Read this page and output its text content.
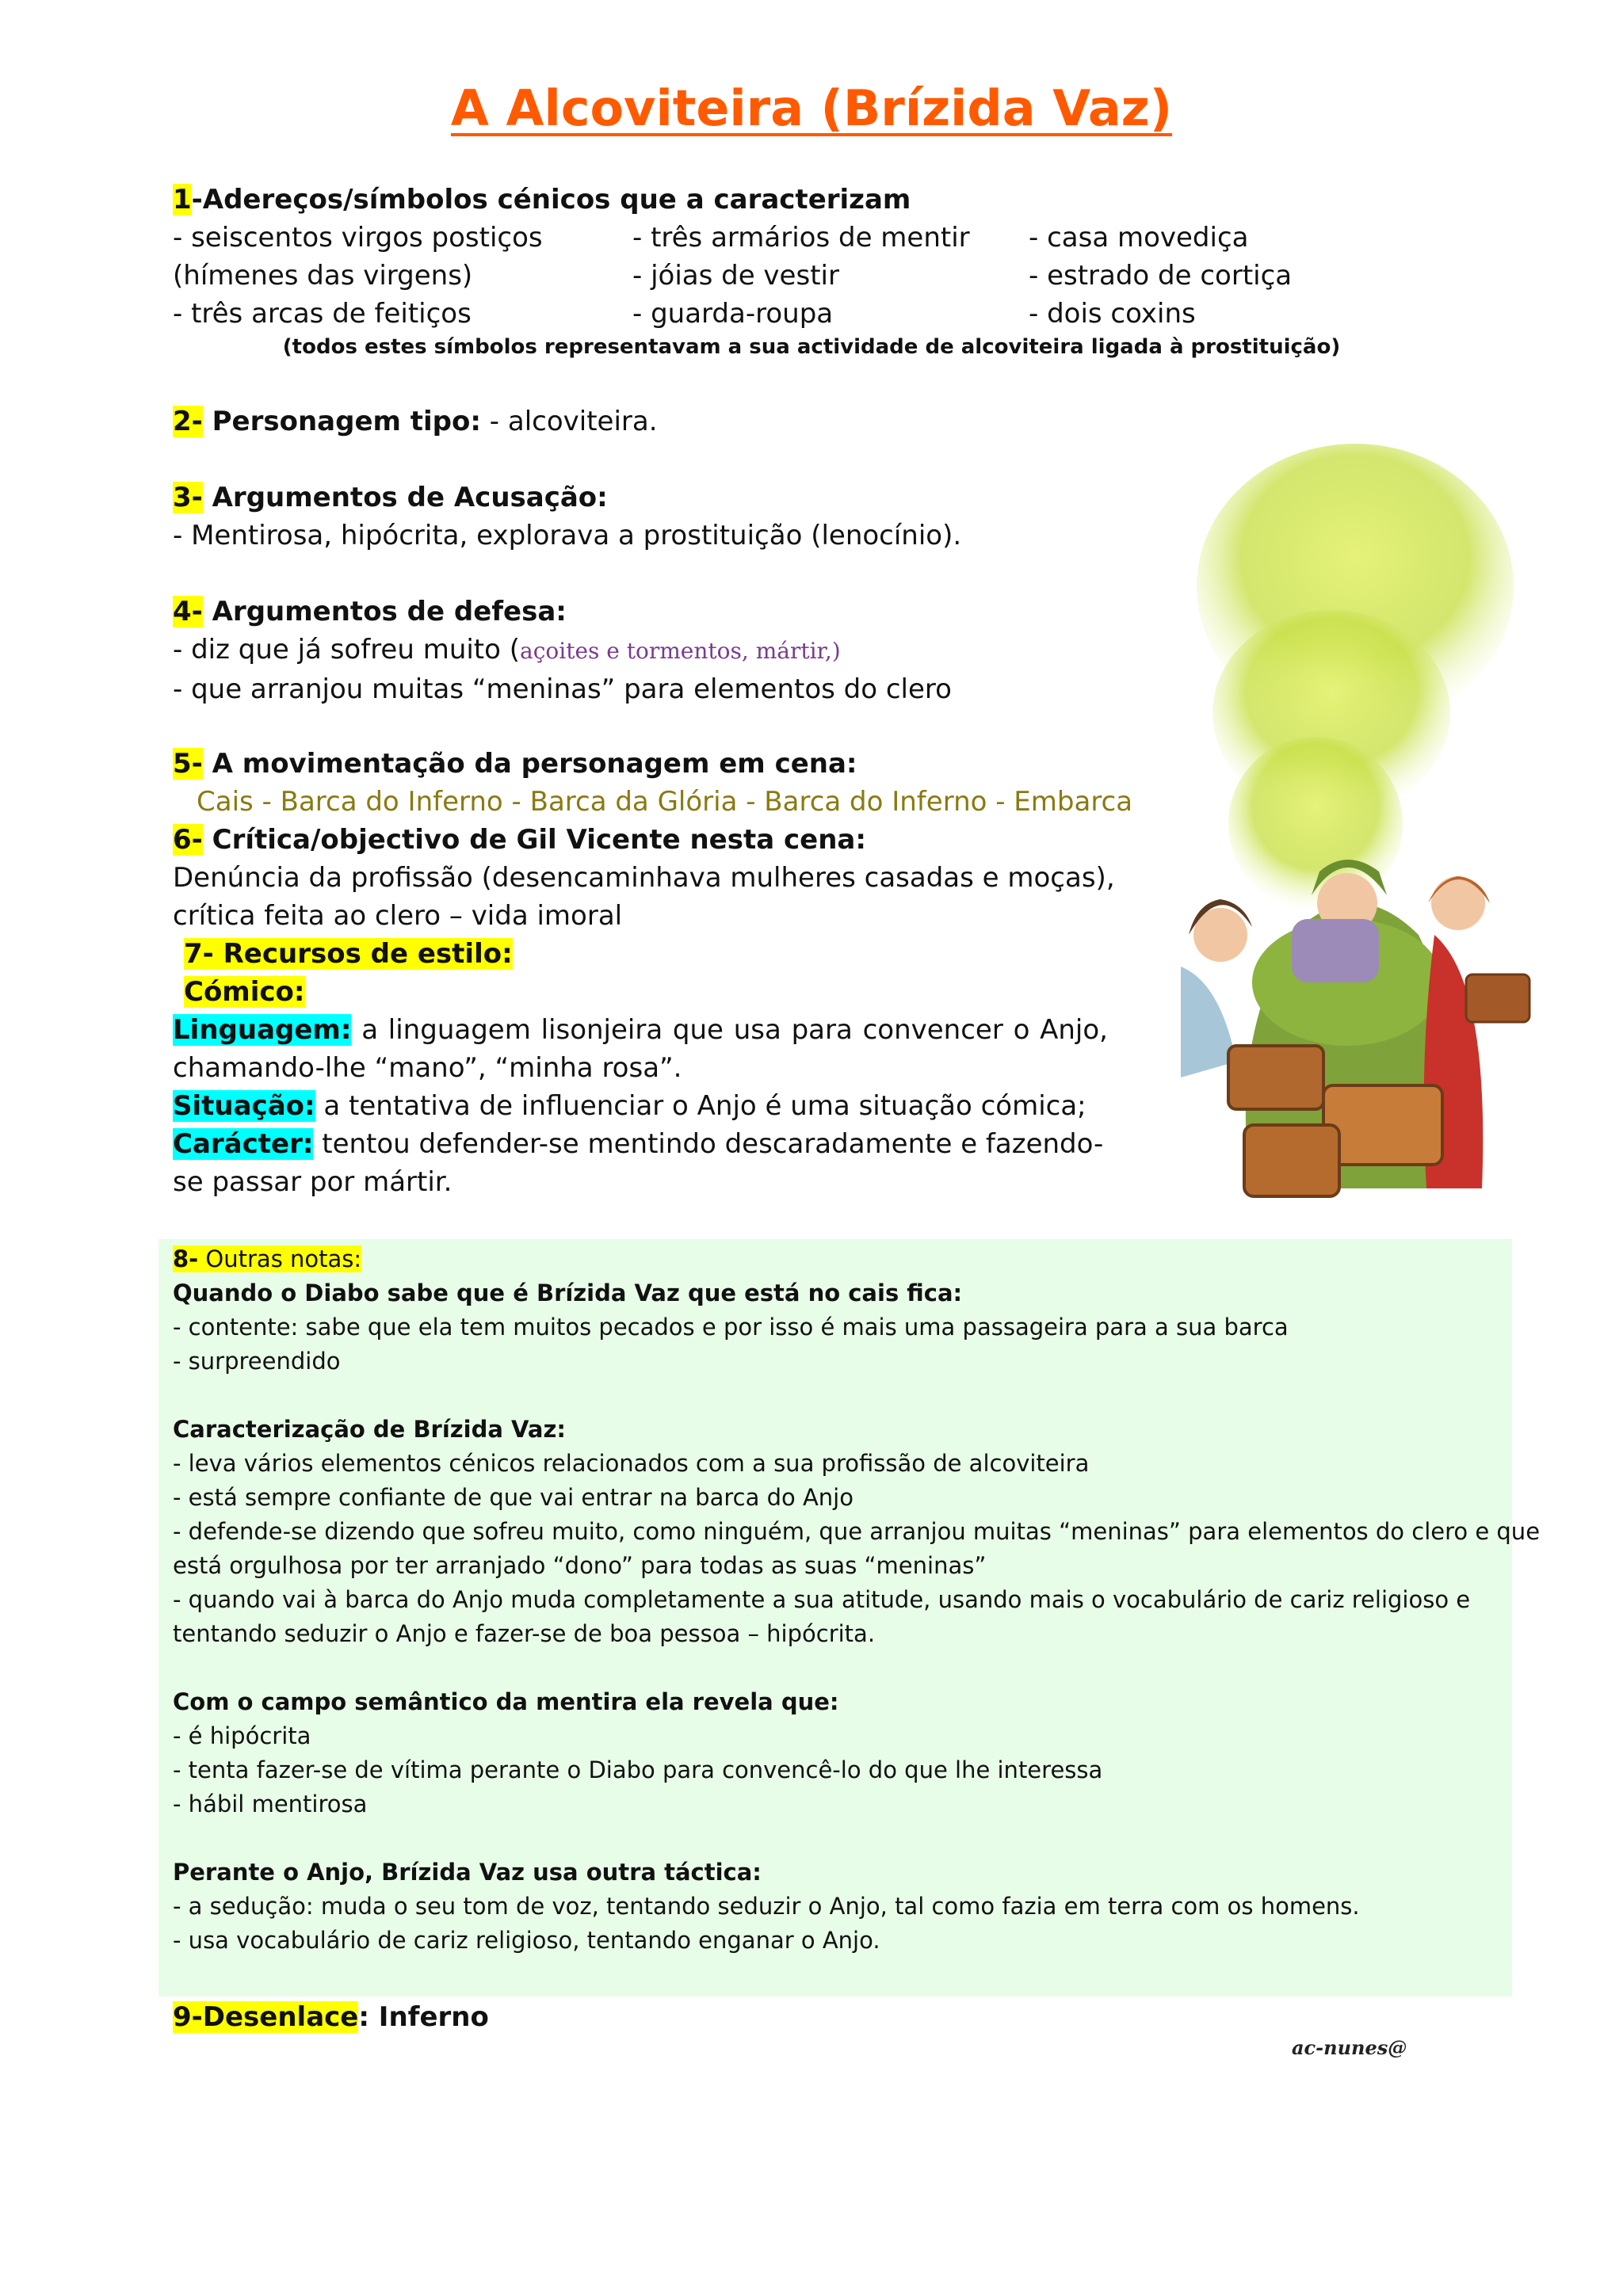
A Alcoviteira (Brízida Vaz)
1-Adereços/símbolos cénicos que a caracterizam
- seiscentos virgos postiços
(hímenes das virgens)
- três arcas de feitiços
- três armários de mentir
- jóias de vestir
- guarda-roupa
- casa movediça
- estrado de cortiça
- dois coxins
(todos estes símbolos representavam a sua actividade de alcoviteira ligada à prostituição)
2- Personagem tipo: - alcoviteira.
3- Argumentos de Acusação:
- Mentirosa, hipócrita, explorava a prostituição (lenocínio).
4- Argumentos de defesa:
- diz que já sofreu muito (açoites e tormentos, mártir,)
- que arranjou muitas “meninas” para elementos do clero
5- A movimentação da personagem em cena:
Cais - Barca do Inferno - Barca da Glória - Barca do Inferno - Embarca
6- Crítica/objectivo de Gil Vicente nesta cena:
Denúncia da profissão (desencaminhava mulheres casadas e moças),
crítica feita ao clero – vida imoral
7- Recursos de estilo:
Cómico:
Linguagem: a linguagem lisonjeira que usa para convencer o Anjo, chamando-lhe “mano”, “minha rosa”.
Situação: a tentativa de influenciar o Anjo é uma situação cómica;
Carácter: tentou defender-se mentindo descaradamente e fazendo-se passar por mártir.
8- Outras notas:
Quando o Diabo sabe que é Brízida Vaz que está no cais fica:
- contente: sabe que ela tem muitos pecados e por isso é mais uma passageira para a sua barca
- surpreendido
Caracterização de Brízida Vaz:
- leva vários elementos cénicos relacionados com a sua profissão de alcoviteira
- está sempre confiante de que vai entrar na barca do Anjo
- defende-se dizendo que sofreu muito, como ninguém, que arranjou muitas “meninas” para elementos do clero e que
está orgulhosa por ter arranjado “dono” para todas as suas “meninas”
- quando vai à barca do Anjo muda completamente a sua atitude, usando mais o vocabulário de cariz religioso e
tentando seduzir o Anjo e fazer-se de boa pessoa – hipócrita.
Com o campo semântico da mentira ela revela que:
- é hipócrita
- tenta fazer-se de vítima perante o Diabo para convencê-lo do que lhe interessa
- hábil mentirosa
Perante o Anjo, Brízida Vaz usa outra táctica:
- a sedução: muda o seu tom de voz, tentando seduzir o Anjo, tal como fazia em terra com os homens.
- usa vocabulário de cariz religioso, tentando enganar o Anjo.
9-Desenlace: Inferno
ac-nunes@
